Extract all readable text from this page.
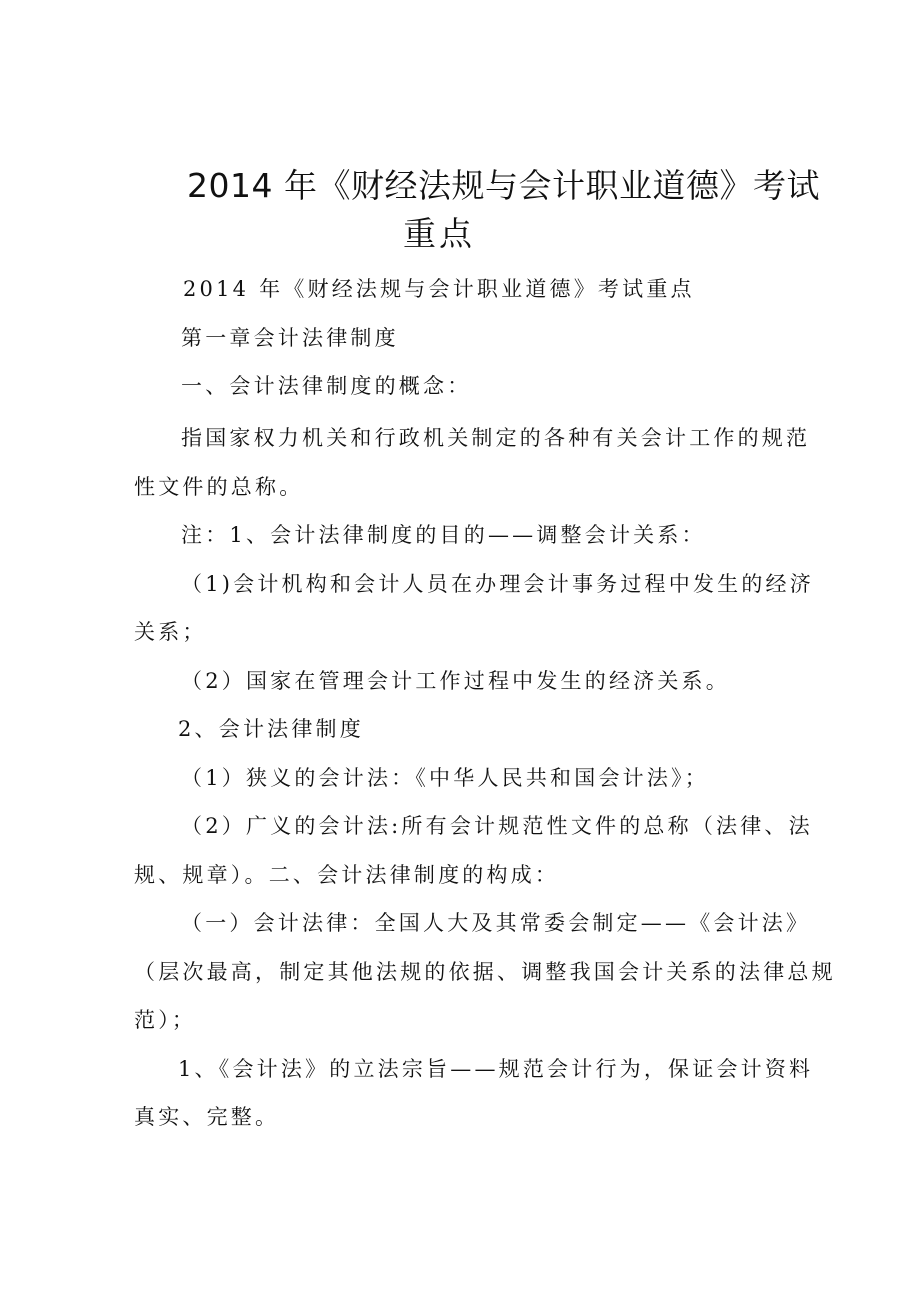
2014 年《财经法规与会计职业道德》考试
重点
2014 年《财经法规与会计职业道德》考试重点
第一章会计法律制度
一、会计法律制度的概念：
指国家权力机关和行政机关制定的各种有关会计工作的规范
性文件的总称。
注：1、会计法律制度的目的——调整会计关系：
（1)会计机构和会计人员在办理会计事务过程中发生的经济
关系；
（2）国家在管理会计工作过程中发生的经济关系。
2、会计法律制度
（1）狭义的会计法：《中华人民共和国会计法》；
（2）广义的会计法:所有会计规范性文件的总称（法律、法
规、规章）。二、会计法律制度的构成：
（一）会计法律：全国人大及其常委会制定——《会计法》
（层次最高，制定其他法规的依据、调整我国会计关系的法律总规
范）；
1、《会计法》的立法宗旨——规范会计行为，保证会计资料
真实、完整。
